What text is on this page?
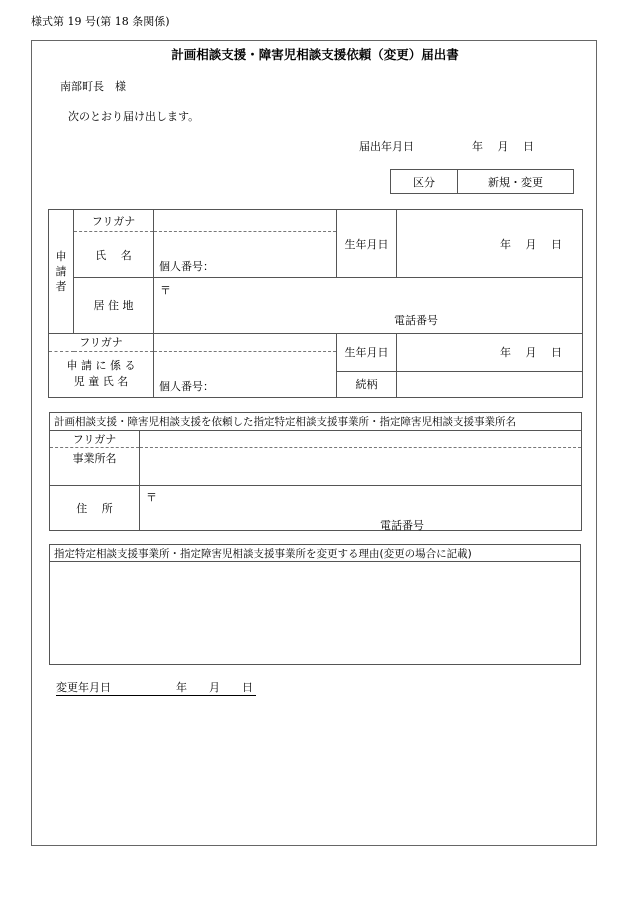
様式第 19 号(第 18 条関係)
計画相談支援・障害児相談支援依頼（変更）届出書
南部町長　様
次のとおり届け出します。
届出年月日	年　 月　 日
区分	新規・変更
申
請
者	フリガナ		生年月日	年　 月　 日
	氏　 名	個人番号：		
	居 住 地	〒
電話番号		

フリガナ			生年月日	年　 月　 日

申 請 に 係 る
児 童 氏 名		個人番号：		
			続柄	
計画相談支援・障害児相談支援を依頼した指定特定相談支援事業所・指定障害児相談支援事業所名	
フリガナ	
事業所名	
住　 所	〒
電話番号
指定特定相談支援事業所・指定障害児相談支援事業所を変更する理由(変更の場合に記載)

変更年月日	年　　月　　日
